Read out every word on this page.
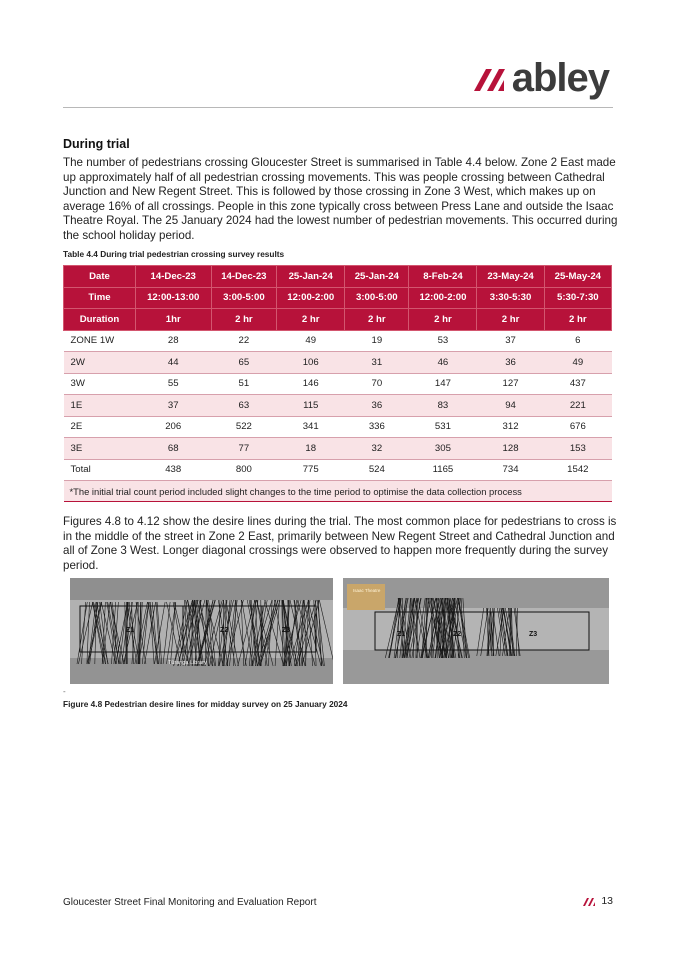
abley
During trial

The number of pedestrians crossing Gloucester Street is summarised in Table 4.4 below. Zone 2 East made up approximately half of all pedestrian crossing movements. This was people crossing between Cathedral Junction and New Regent Street. This is followed by those crossing in Zone 3 West, which makes up on average 16% of all crossings. People in this zone typically cross between Press Lane and outside the Isaac Theatre Royal. The 25 January 2024 had the lowest number of pedestrian movements. This occurred during the school holiday period.

Table 4.4 During trial pedestrian crossing survey results
Date	14-Dec-23	14-Dec-23	25-Jan-24	25-Jan-24	8-Feb-24	23-May-24	25-May-24
Time	12:00-13:00	3:00-5:00	12:00-2:00	3:00-5:00	12:00-2:00	3:30-5:30	5:30-7:30
Duration	1hr	2 hr	2 hr	2 hr	2 hr	2 hr	2 hr
ZONE 1W	28	22	49	19	53	37	6
2W	44	65	106	31	46	36	49
3W	55	51	146	70	147	127	437
1E	37	63	115	36	83	94	221
2E	206	522	341	336	531	312	676
3E	68	77	18	32	305	128	153
Total	438	800	775	524	1165	734	1542
*The initial trial count period included slight changes to the time period to optimise the data collection process							

Figures 4.8 to 4.12 show the desire lines during the trial. The most common place for pedestrians to cross is in the middle of the street in Zone 2 East, primarily between New Regent Street and Cathedral Junction and all of Zone 3 West. Longer diagonal crossings were observed to happen more frequently during the survey period.

Z1	Z2	Z3
Tūranga Library
Isaac Theatre
Z1	Z2	Z3
-
Figure 4.8 Pedestrian desire lines for midday survey on 25 January 2024
Gloucester Street Final Monitoring and Evaluation Report	13
